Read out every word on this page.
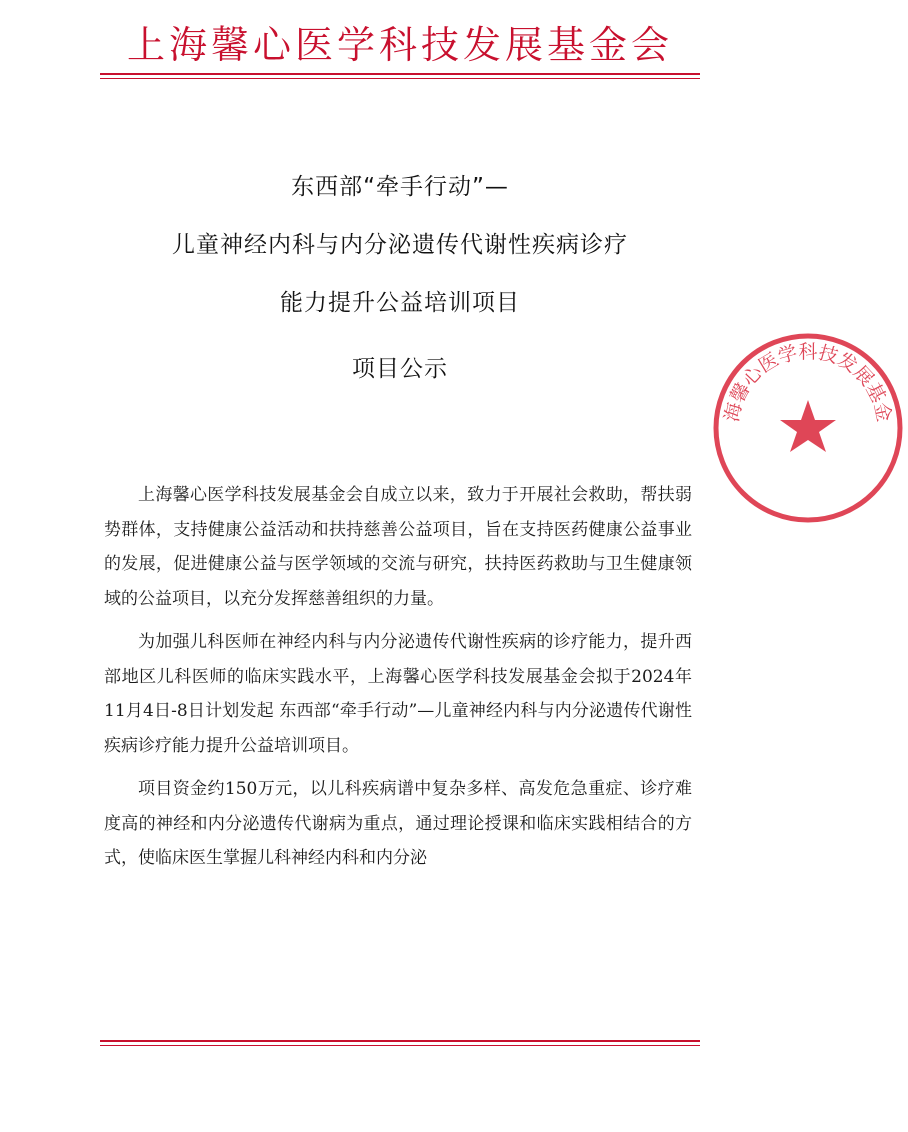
上海馨心医学科技发展基金会
东西部“牵手行动”—
儿童神经内科与内分泌遗传代谢性疾病诊疗
能力提升公益培训项目
项目公示

上海馨心医学科技发展基金会自成立以来，致力于开展社会救助，帮扶弱势群体，支持健康公益活动和扶持慈善公益项目，旨在支持医药健康公益事业的发展，促进健康公益与医学领域的交流与研究，扶持医药救助与卫生健康领域的公益项目，以充分发挥慈善组织的力量。

为加强儿科医师在神经内科与内分泌遗传代谢性疾病的诊疗能力，提升西部地区儿科医师的临床实践水平，上海馨心医学科技发展基金会拟于2024年11月4日-8日计划发起 东西部“牵手行动”—儿童神经内科与内分泌遗传代谢性疾病诊疗能力提升公益培训项目。

项目资金约150万元，以儿科疾病谱中复杂多样、高发危急重症、诊疗难度高的神经和内分泌遗传代谢病为重点，通过理论授课和临床实践相结合的方式，使临床医生掌握儿科神经内科和内分泌

上海馨心医学科技发展基金会
